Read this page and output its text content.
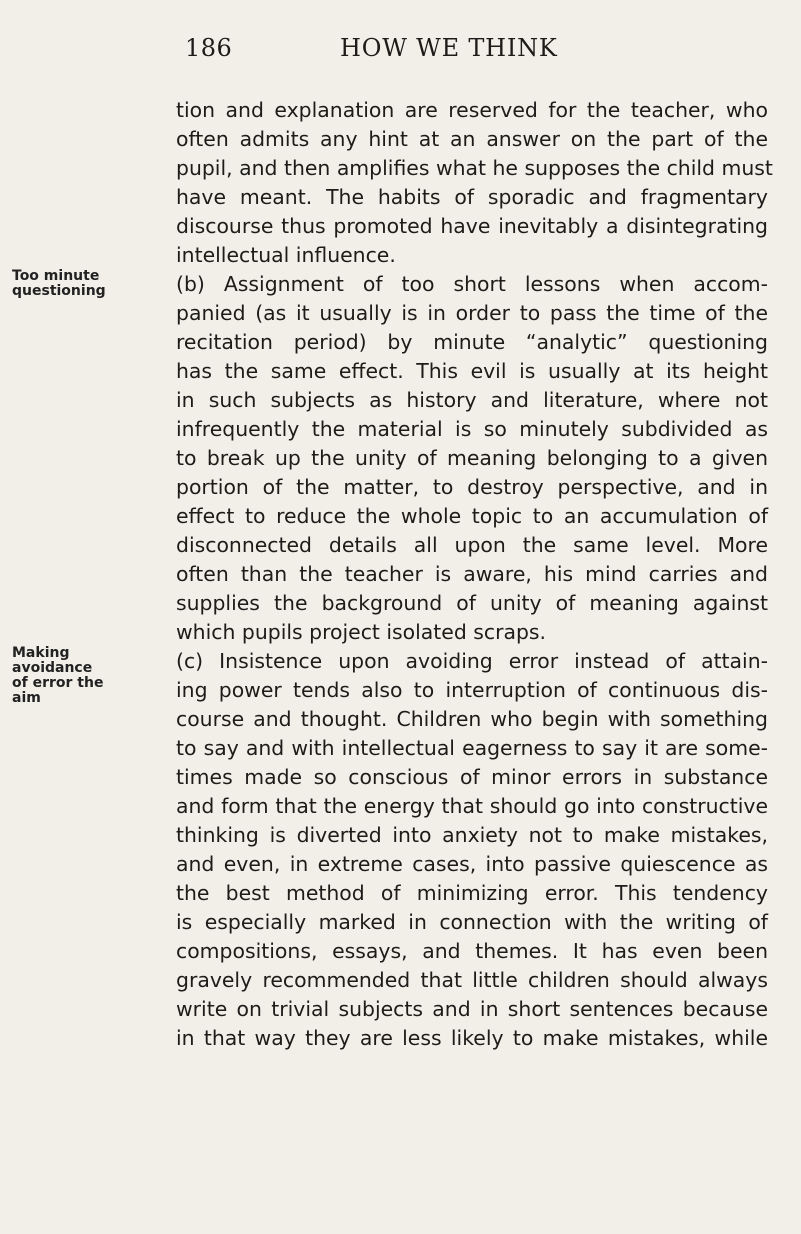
186	HOW WE THINK
Too minute
questioning
Making
avoidance
of error the
aim
tion and explanation are reserved for the teacher, who
often admits any hint at an answer on the part of the
pupil, and then amplifies what he supposes the child must
have meant. The habits of sporadic and fragmentary
discourse thus promoted have inevitably a disintegrating
intellectual influence.
(b) Assignment of too short lessons when accom-
panied (as it usually is in order to pass the time of the
recitation period) by minute “analytic” questioning
has the same effect. This evil is usually at its height
in such subjects as history and literature, where not
infrequently the material is so minutely subdivided as
to break up the unity of meaning belonging to a given
portion of the matter, to destroy perspective, and in
effect to reduce the whole topic to an accumulation of
disconnected details all upon the same level. More
often than the teacher is aware, his mind carries and
supplies the background of unity of meaning against
which pupils project isolated scraps.
(c) Insistence upon avoiding error instead of attain-
ing power tends also to interruption of continuous dis-
course and thought. Children who begin with something
to say and with intellectual eagerness to say it are some-
times made so conscious of minor errors in substance
and form that the energy that should go into constructive
thinking is diverted into anxiety not to make mistakes,
and even, in extreme cases, into passive quiescence as
the best method of minimizing error. This tendency
is especially marked in connection with the writing of
compositions, essays, and themes. It has even been
gravely recommended that little children should always
write on trivial subjects and in short sentences because
in that way they are less likely to make mistakes, while
